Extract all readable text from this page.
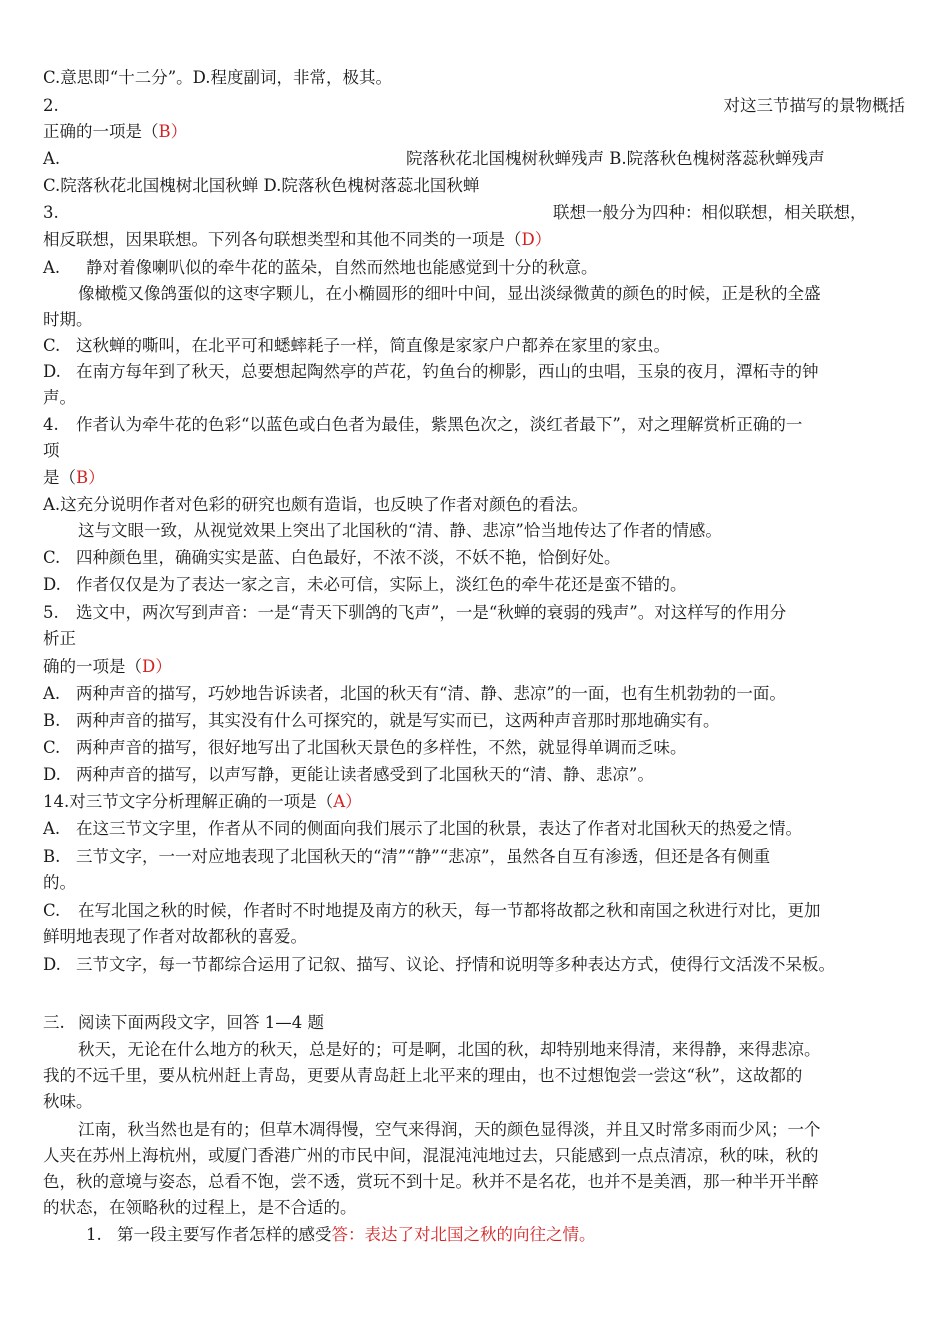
C.意思即“十二分”。D.程度副词，非常，极其。
2.	对这三节描写的景物概括
正确的一项是（B）
A.	院落秋花北国槐树秋蝉残声 B.院落秋色槐树落蕊秋蝉残声
C.院落秋花北国槐树北国秋蝉 D.院落秋色槐树落蕊北国秋蝉
3.	联想一般分为四种：相似联想，相关联想，
相反联想，因果联想。下列各句联想类型和其他不同类的一项是（D）
A. 静对着像喇叭似的牵牛花的蓝朵，自然而然地也能感觉到十分的秋意。
像橄榄又像鸽蛋似的这枣字颗儿，在小椭圆形的细叶中间，显出淡绿微黄的颜色的时候，正是秋的全盛
时期。
C. 这秋蝉的嘶叫，在北平可和蟋蟀耗子一样，简直像是家家户户都养在家里的家虫。
D. 在南方每年到了秋天，总要想起陶然亭的芦花，钓鱼台的柳影，西山的虫唱，玉泉的夜月，潭柘寺的钟
声。
4. 作者认为牵牛花的色彩“以蓝色或白色者为最佳，紫黑色次之，淡红者最下”，对之理解赏析正确的一
项
是（B）
A.这充分说明作者对色彩的研究也颇有造诣，也反映了作者对颜色的看法。
这与文眼一致，从视觉效果上突出了北国秋的“清、静、悲凉”恰当地传达了作者的情感。
C. 四种颜色里，确确实实是蓝、白色最好，不浓不淡，不妖不艳，恰倒好处。
D. 作者仅仅是为了表达一家之言，未必可信，实际上，淡红色的牵牛花还是蛮不错的。
5. 选文中，两次写到声音：一是“青天下驯鸽的飞声”，一是“秋蝉的衰弱的残声”。对这样写的作用分
析正
确的一项是（D）
A. 两种声音的描写，巧妙地告诉读者，北国的秋天有“清、静、悲凉”的一面，也有生机勃勃的一面。
B. 两种声音的描写，其实没有什么可探究的，就是写实而已，这两种声音那时那地确实有。
C. 两种声音的描写，很好地写出了北国秋天景色的多样性，不然，就显得单调而乏味。
D. 两种声音的描写，以声写静，更能让读者感受到了北国秋天的“清、静、悲凉”。
14.对三节文字分析理解正确的一项是（A）
A. 在这三节文字里，作者从不同的侧面向我们展示了北国的秋景，表达了作者对北国秋天的热爱之情。
B. 三节文字，一一对应地表现了北国秋天的“清”“静”“悲凉”，虽然各自互有渗透，但还是各有侧重
的。
C. 在写北国之秋的时候，作者时不时地提及南方的秋天，每一节都将故都之秋和南国之秋进行对比，更加
鲜明地表现了作者对故都秋的喜爱。
D. 三节文字，每一节都综合运用了记叙、描写、议论、抒情和说明等多种表达方式，使得行文活泼不呆板。
三. 阅读下面两段文字，回答 1—4 题
秋天，无论在什么地方的秋天，总是好的；可是啊，北国的秋，却特别地来得清，来得静，来得悲凉。
我的不远千里，要从杭州赶上青岛，更要从青岛赶上北平来的理由，也不过想饱尝一尝这“秋”，这故都的
秋味。
江南，秋当然也是有的；但草木凋得慢，空气来得润，天的颜色显得淡，并且又时常多雨而少风；一个
人夹在苏州上海杭州，或厦门香港广州的市民中间，混混沌沌地过去，只能感到一点点清凉，秋的味，秋的
色，秋的意境与姿态，总看不饱，尝不透，赏玩不到十足。秋并不是名花，也并不是美酒，那一种半开半醉
的状态，在领略秋的过程上，是不合适的。
1. 第一段主要写作者怎样的感受答：表达了对北国之秋的向往之情。
